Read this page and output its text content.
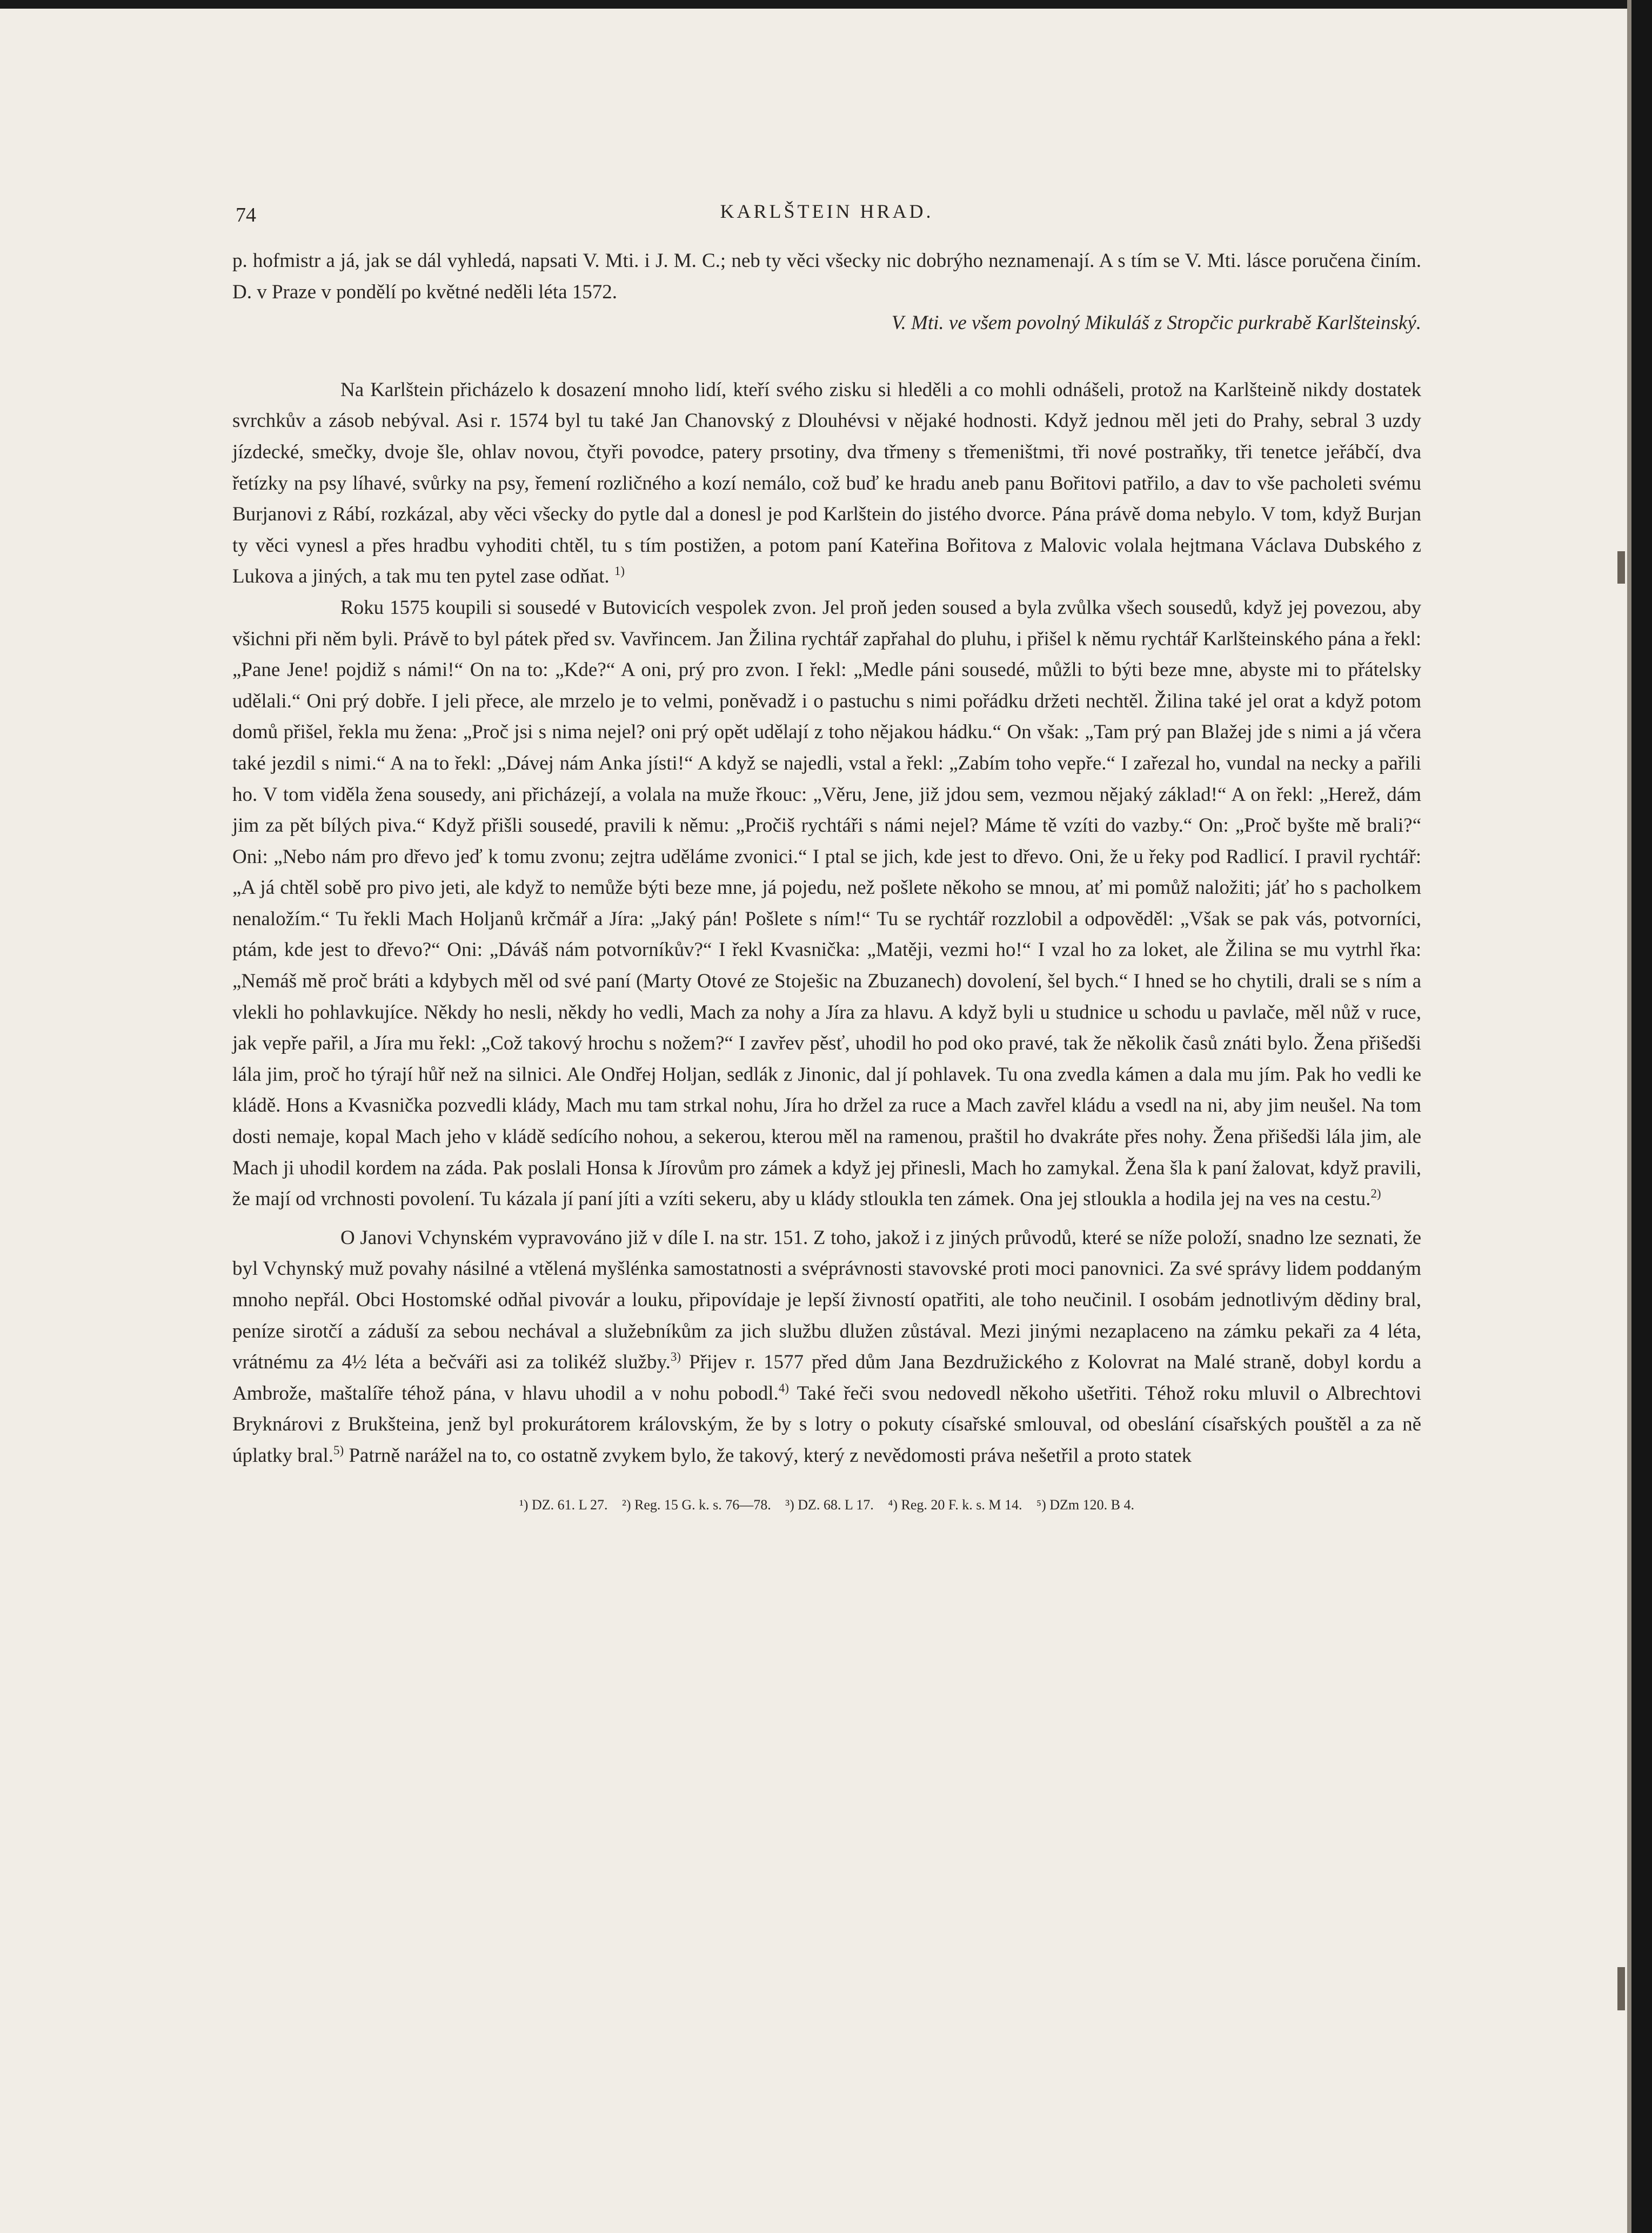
74	KARLŠTEIN HRAD.

p. hofmistr a já, jak se dál vyhledá, napsati V. Mti. i J. M. C.; neb ty věci všecky nic dobrýho neznamenají. A s tím se V. Mti. lásce poručena činím. D. v Praze v pondělí po květné neděli léta 1572.

V. Mti. ve všem povolný Mikuláš z Stropčic purkrabě Karlšteinský.

Na Karlštein přicházelo k dosazení mnoho lidí, kteří svého zisku si hleděli a co mohli odnášeli, protož na Karlšteině nikdy dostatek svrchkův a zásob nebýval. Asi r. 1574 byl tu také Jan Chanovský z Dlouhévsi v nějaké hodnosti. Když jednou měl jeti do Prahy, sebral 3 uzdy jízdecké, smečky, dvoje šle, ohlav novou, čtyři povodce, patery prsotiny, dva třmeny s třemeništmi, tři nové postraňky, tři tenetce jeřábčí, dva řetízky na psy líhavé, svůrky na psy, řemení rozličného a kozí nemálo, což buď ke hradu aneb panu Bořitovi patřilo, a dav to vše pacholeti svému Burjanovi z Rábí, rozkázal, aby věci všecky do pytle dal a donesl je pod Karlštein do jistého dvorce. Pána právě doma nebylo. V tom, když Burjan ty věci vynesl a přes hradbu vyhoditi chtěl, tu s tím postižen, a potom paní Kateřina Bořitova z Malovic volala hejtmana Václava Dubského z Lukova a jiných, a tak mu ten pytel zase odňat. $^{1)}$

Roku 1575 koupili si sousedé v Butovicích vespolek zvon. Jel proň jeden soused a byla zvůlka všech sousedů, když jej povezou, aby všichni při něm byli. Právě to byl pátek před sv. Vavřincem. Jan Žilina rychtář zapřahal do pluhu, i přišel k němu rychtář Karlšteinského pána a řekl: „Pane Jene! pojdiž s námi!“ On na to: „Kde?“ A oni, prý pro zvon. I řekl: „Medle páni sousedé, můžli to býti beze mne, abyste mi to přátelsky udělali.“ Oni prý dobře. I jeli přece, ale mrzelo je to velmi, poněvadž i o pastuchu s nimi pořádku držeti nechtěl. Žilina také jel orat a když potom domů přišel, řekla mu žena: „Proč jsi s nima nejel? oni prý opět udělají z toho nějakou hádku.“ On však: „Tam prý pan Blažej jde s nimi a já včera také jezdil s nimi.“ A na to řekl: „Dávej nám Anka jísti!“ A když se najedli, vstal a řekl: „Zabím toho vepře.“ I zařezal ho, vundal na necky a pařili ho. V tom viděla žena sousedy, ani přicházejí, a volala na muže řkouc: „Věru, Jene, již jdou sem, vezmou nějaký základ!“ A on řekl: „Herež, dám jim za pět bílých piva.“ Když přišli sousedé, pravili k němu: „Pročiš rychtáři s námi nejel? Máme tě vzíti do vazby.“ On: „Proč byšte mě brali?“ Oni: „Nebo nám pro dřevo jeď k tomu zvonu; zejtra uděláme zvonici.“ I ptal se jich, kde jest to dřevo. Oni, že u řeky pod Radlicí. I pravil rychtář: „A já chtěl sobě pro pivo jeti, ale když to nemůže býti beze mne, já pojedu, než pošlete někoho se mnou, ať mi pomůž naložiti; jáť ho s pacholkem nenaložím.“ Tu řekli Mach Holjanů krčmář a Jíra: „Jaký pán! Pošlete s ním!“ Tu se rychtář rozzlobil a odpověděl: „Však se pak vás, potvorníci, ptám, kde jest to dřevo?“ Oni: „Dáváš nám potvorníkův?“ I řekl Kvasnička: „Matěji, vezmi ho!“ I vzal ho za loket, ale Žilina se mu vytrhl řka: „Nemáš mě proč bráti a kdybych měl od své paní (Marty Otové ze Stoješic na Zbuzanech) dovolení, šel bych.“ I hned se ho chytili, drali se s ním a vlekli ho pohlavkujíce. Někdy ho nesli, někdy ho vedli, Mach za nohy a Jíra za hlavu. A když byli u studnice u schodu u pavlače, měl nůž v ruce, jak vepře pařil, a Jíra mu řekl: „Což takový hrochu s nožem?“ I zavřev pěsť, uhodil ho pod oko pravé, tak že několik časů znáti bylo. Žena přišedši lála jim, proč ho týrají hůř než na silnici. Ale Ondřej Holjan, sedlák z Jinonic, dal jí pohlavek. Tu ona zvedla kámen a dala mu jím. Pak ho vedli ke kládě. Hons a Kvasnička pozvedli klády, Mach mu tam strkal nohu, Jíra ho držel za ruce a Mach zavřel kládu a vsedl na ni, aby jim neušel. Na tom dosti nemaje, kopal Mach jeho v kládě sedícího nohou, a sekerou, kterou měl na ramenou, praštil ho dvakráte přes nohy. Žena přišedši lála jim, ale Mach ji uhodil kordem na záda. Pak poslali Honsa k Jírovům pro zámek a když jej přinesli, Mach ho zamykal. Žena šla k paní žalovat, když pravili, že mají od vrchnosti povolení. Tu kázala jí paní jíti a vzíti sekeru, aby u klády stloukla ten zámek. Ona jej stloukla a hodila jej na ves na cestu.$^{2)}$

O Janovi Vchynském vypravováno již v díle I. na str. 151. Z toho, jakož i z jiných průvodů, které se níže položí, snadno lze seznati, že byl Vchynský muž povahy násilné a vtělená myšlénka samostatnosti a svéprávnosti stavovské proti moci panovnici. Za své správy lidem poddaným mnoho nepřál. Obci Hostomské odňal pivovár a louku, připovídaje je lepší živností opatřiti, ale toho neučinil. I osobám jednotlivým dědiny bral, peníze sirotčí a záduší za sebou nechával a služebníkům za jich službu dlužen zůstával. Mezi jinými nezaplaceno na zámku pekaři za 4 léta, vrátnému za 4½ léta a bečváři asi za tolikéž služby.$^{3)}$ Přijev r. 1577 před dům Jana Bezdružického z Kolovrat na Malé straně, dobyl kordu a Ambrože, maštalíře téhož pána, v hlavu uhodil a v nohu pobodl.$^{4)}$ Také řeči svou nedovedl někoho ušetřiti. Téhož roku mluvil o Albrechtovi Bryknárovi z Brukšteina, jenž byl prokurátorem královským, že by s lotry o pokuty císařské smlouval, od obeslání císařských pouštěl a za ně úplatky bral.$^{5)}$ Patrně narážel na to, co ostatně zvykem bylo, že takový, který z nevědomosti práva nešetřil a proto statek

¹) DZ. 61. L 27. ²) Reg. 15 G. k. s. 76—78. ³) DZ. 68. L 17. ⁴) Reg. 20 F. k. s. M 14. ⁵) DZm 120. B 4.
